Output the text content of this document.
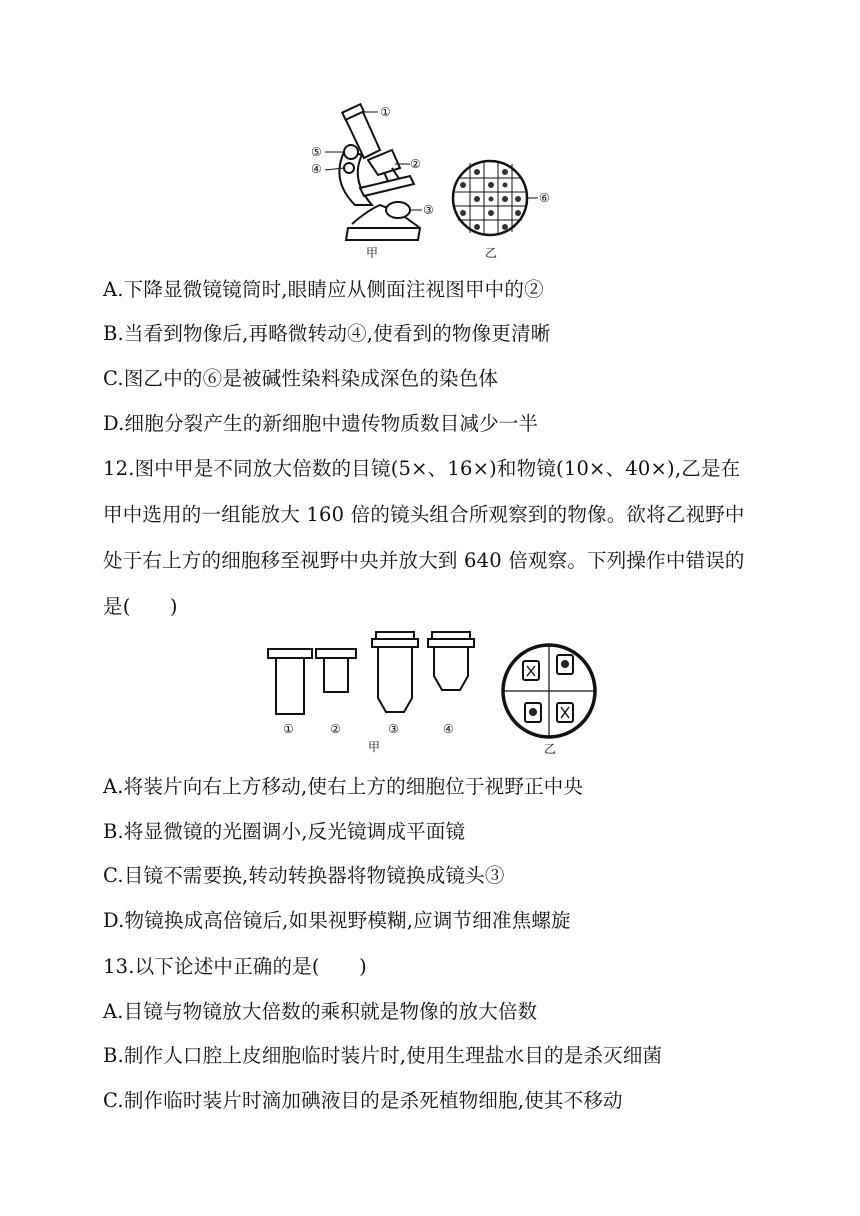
①
②
③
④
⑤
⑥
甲	乙
A.下降显微镜镜筒时,眼睛应从侧面注视图甲中的②
B.当看到物像后,再略微转动④,使看到的物像更清晰
C.图乙中的⑥是被碱性染料染成深色的染色体
D.细胞分裂产生的新细胞中遗传物质数目减少一半
12.图中甲是不同放大倍数的目镜(5×、16×)和物镜(10×、40×),乙是在
甲中选用的一组能放大 160 倍的镜头组合所观察到的物像。欲将乙视野中
处于右上方的细胞移至视野中央并放大到 640 倍观察。下列操作中错误的
是(　　)
①	②	③	④
甲	乙
A.将装片向右上方移动,使右上方的细胞位于视野正中央
B.将显微镜的光圈调小,反光镜调成平面镜
C.目镜不需要换,转动转换器将物镜换成镜头③
D.物镜换成高倍镜后,如果视野模糊,应调节细准焦螺旋
13.以下论述中正确的是(　　)
A.目镜与物镜放大倍数的乘积就是物像的放大倍数
B.制作人口腔上皮细胞临时装片时,使用生理盐水目的是杀灭细菌
C.制作临时装片时滴加碘液目的是杀死植物细胞,使其不移动
